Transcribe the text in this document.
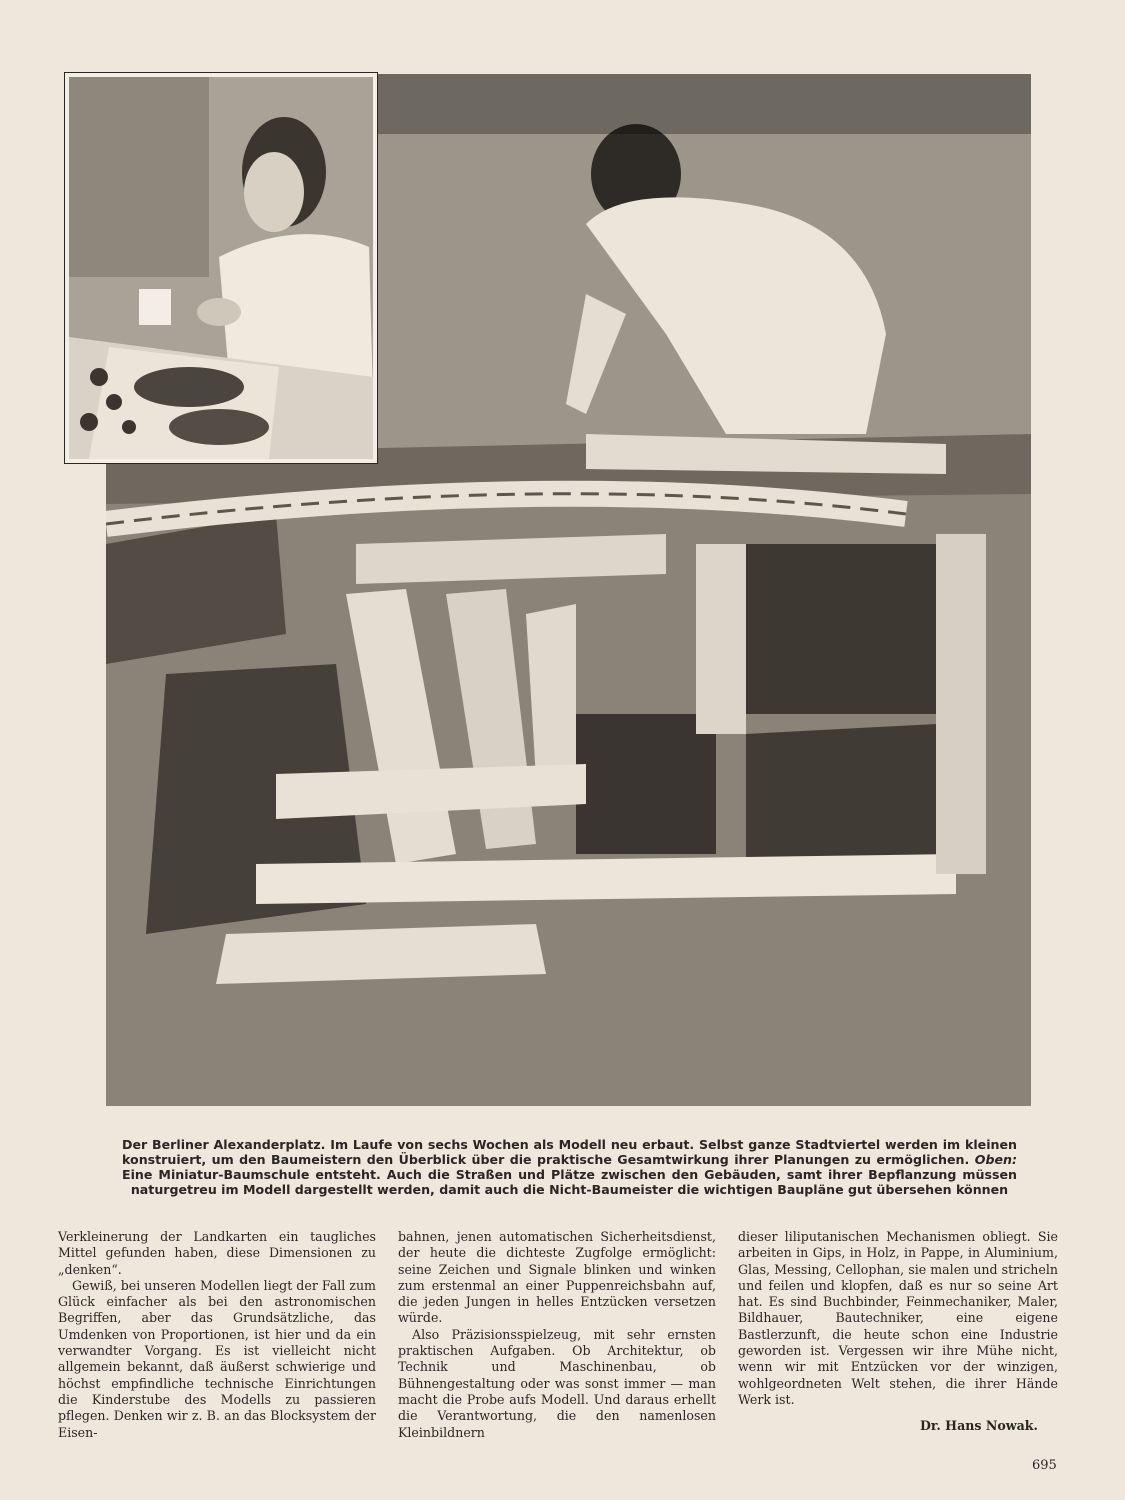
Der Berliner Alexanderplatz. Im Laufe von sechs Wochen als Modell neu erbaut. Selbst ganze Stadtviertel werden im kleinen konstruiert, um den Baumeistern den Überblick über die praktische Gesamtwirkung ihrer Planungen zu ermöglichen. Oben: Eine Miniatur-Baumschule entsteht. Auch die Straßen und Plätze zwischen den Gebäuden, samt ihrer Bepflanzung müssen naturgetreu im Modell dargestellt werden, damit auch die Nicht-Baumeister die wichtigen Baupläne gut übersehen können

Verkleinerung der Landkarten ein taugliches Mittel gefunden haben, diese Dimensionen zu „denken“.

Gewiß, bei unseren Modellen liegt der Fall zum Glück einfacher als bei den astronomischen Begriffen, aber das Grundsätzliche, das Umdenken von Proportionen, ist hier und da ein verwandter Vorgang. Es ist vielleicht nicht allgemein bekannt, daß äußerst schwierige und höchst empfindliche technische Einrichtungen die Kinderstube des Modells zu passieren pflegen. Denken wir z. B. an das Blocksystem der Eisen-

bahnen, jenen automatischen Sicherheitsdienst, der heute die dichteste Zugfolge ermöglicht: seine Zeichen und Signale blinken und winken zum erstenmal an einer Puppenreichsbahn auf, die jeden Jungen in helles Entzücken versetzen würde.

Also Präzisionsspielzeug, mit sehr ernsten praktischen Aufgaben. Ob Architektur, ob Technik und Maschinenbau, ob Bühnengestaltung oder was sonst immer — man macht die Probe aufs Modell. Und daraus erhellt die Verantwortung, die den namenlosen Kleinbildnern

dieser liliputanischen Mechanismen obliegt. Sie arbeiten in Gips, in Holz, in Pappe, in Aluminium, Glas, Messing, Cellophan, sie malen und stricheln und feilen und klopfen, daß es nur so seine Art hat. Es sind Buchbinder, Feinmechaniker, Maler, Bildhauer, Bautechniker, eine eigene Bastlerzunft, die heute schon eine Industrie geworden ist. Vergessen wir ihre Mühe nicht, wenn wir mit Entzücken vor der winzigen, wohlgeordneten Welt stehen, die ihrer Hände Werk ist.

Dr. Hans Nowak.
695
